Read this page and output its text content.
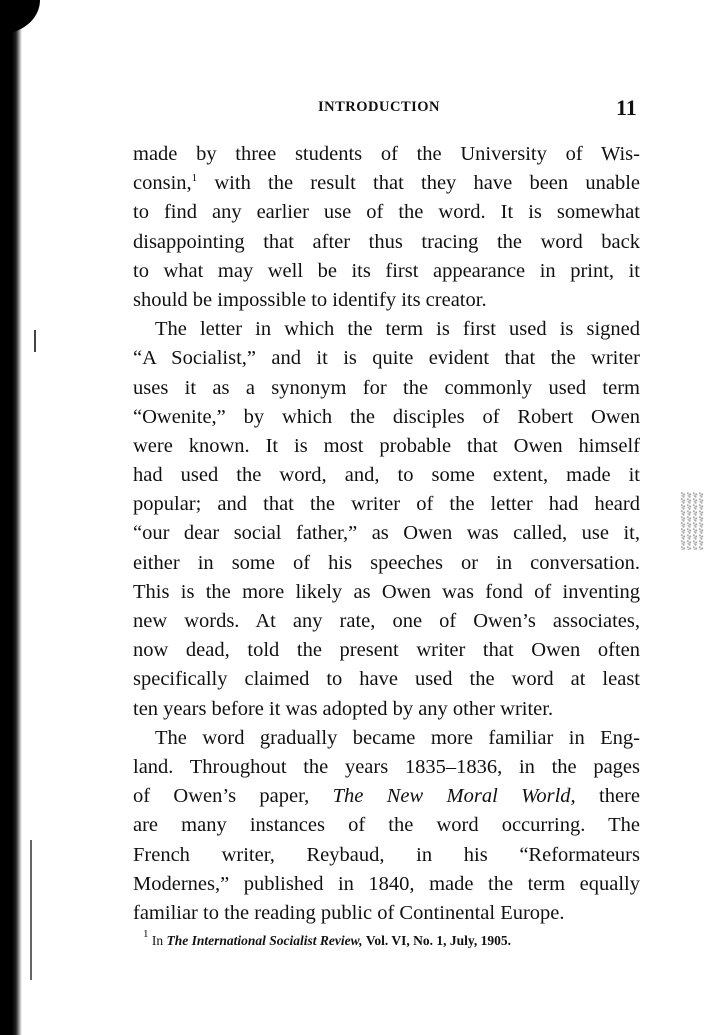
INTRODUCTION	11
made by three students of the University of Wis-
consin,$^1$ with the result that they have been unable
to find any earlier use of the word. It is somewhat
disappointing that after thus tracing the word back
to what may well be its first appearance in print, it
should be impossible to identify its creator.
The letter in which the term is first used is signed
“A Socialist,” and it is quite evident that the writer
uses it as a synonym for the commonly used term
“Owenite,” by which the disciples of Robert Owen
were known. It is most probable that Owen himself
had used the word, and, to some extent, made it
popular; and that the writer of the letter had heard
“our dear social father,” as Owen was called, use it,
either in some of his speeches or in conversation.
This is the more likely as Owen was fond of inventing
new words. At any rate, one of Owen’s associates,
now dead, told the present writer that Owen often
specifically claimed to have used the word at least
ten years before it was adopted by any other writer.
The word gradually became more familiar in Eng-
land. Throughout the years 1835–1836, in the pages
of Owen’s paper, The New Moral World, there
are many instances of the word occurring. The
French writer, Reybaud, in his “Reformateurs
Modernes,” published in 1840, made the term equally
familiar to the reading public of Continental Europe.
$^1$ In The International Socialist Review, Vol. VI, No. 1, July, 1905.
